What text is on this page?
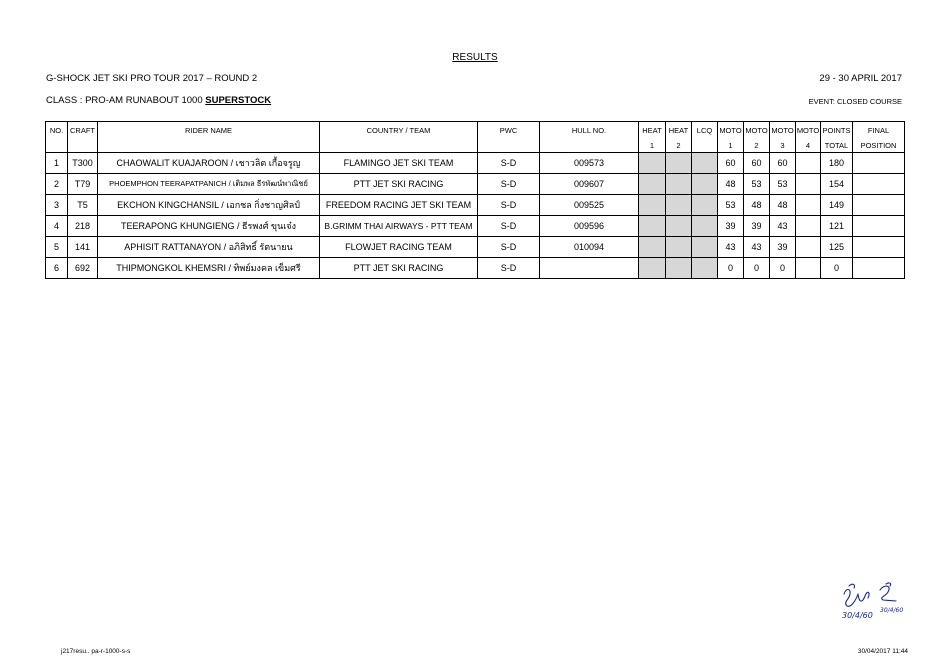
RESULTS
G-SHOCK JET SKI PRO TOUR 2017 – ROUND 2	29 - 30 APRIL 2017
CLASS : PRO-AM RUNABOUT 1000 SUPERSTOCK	EVENT: CLOSED COURSE
NO.	CRAFT	RIDER NAME	COUNTRY / TEAM	PWC	HULL NO.	HEAT	HEAT	LCQ	MOTO	MOTO	MOTO	MOTO	POINTS	FINAL
						1	2		1	2	3	4	TOTAL	POSITION
1	T300	CHAOWALIT KUAJAROON / เชาวลิต เกื้อจรูญ	FLAMINGO JET SKI TEAM	S-D	009573				60	60	60		180	
2	T79	PHOEMPHON TEERAPATPANICH / เติมพล ธีรพัฒน์พาณิชย์	PTT JET SKI RACING	S-D	009607				48	53	53		154	
3	T5	EKCHON KINGCHANSIL / เอกชล กิ่งชาญศิลป์	FREEDOM RACING JET SKI TEAM	S-D	009525				53	48	48		149	
4	218	TEERAPONG KHUNGIENG / ธีรพงศ์ ขุนเจ๋ง	B.GRIMM THAI AIRWAYS - PTT TEAM	S-D	009596				39	39	43		121	
5	141	APHISIT RATTANAYON / อภิสิทธิ์ รัตนายน	FLOWJET RACING TEAM	S-D	010094				43	43	39		125	
6	692	THIPMONGKOL KHEMSRI / ทิพย์มงคล เข็มศรี	PTT JET SKI RACING	S-D					0	0	0		0	
30/4/60
30/4/60
j217resu.. pa-r-1000-s-s	30/04/2017 11:44
